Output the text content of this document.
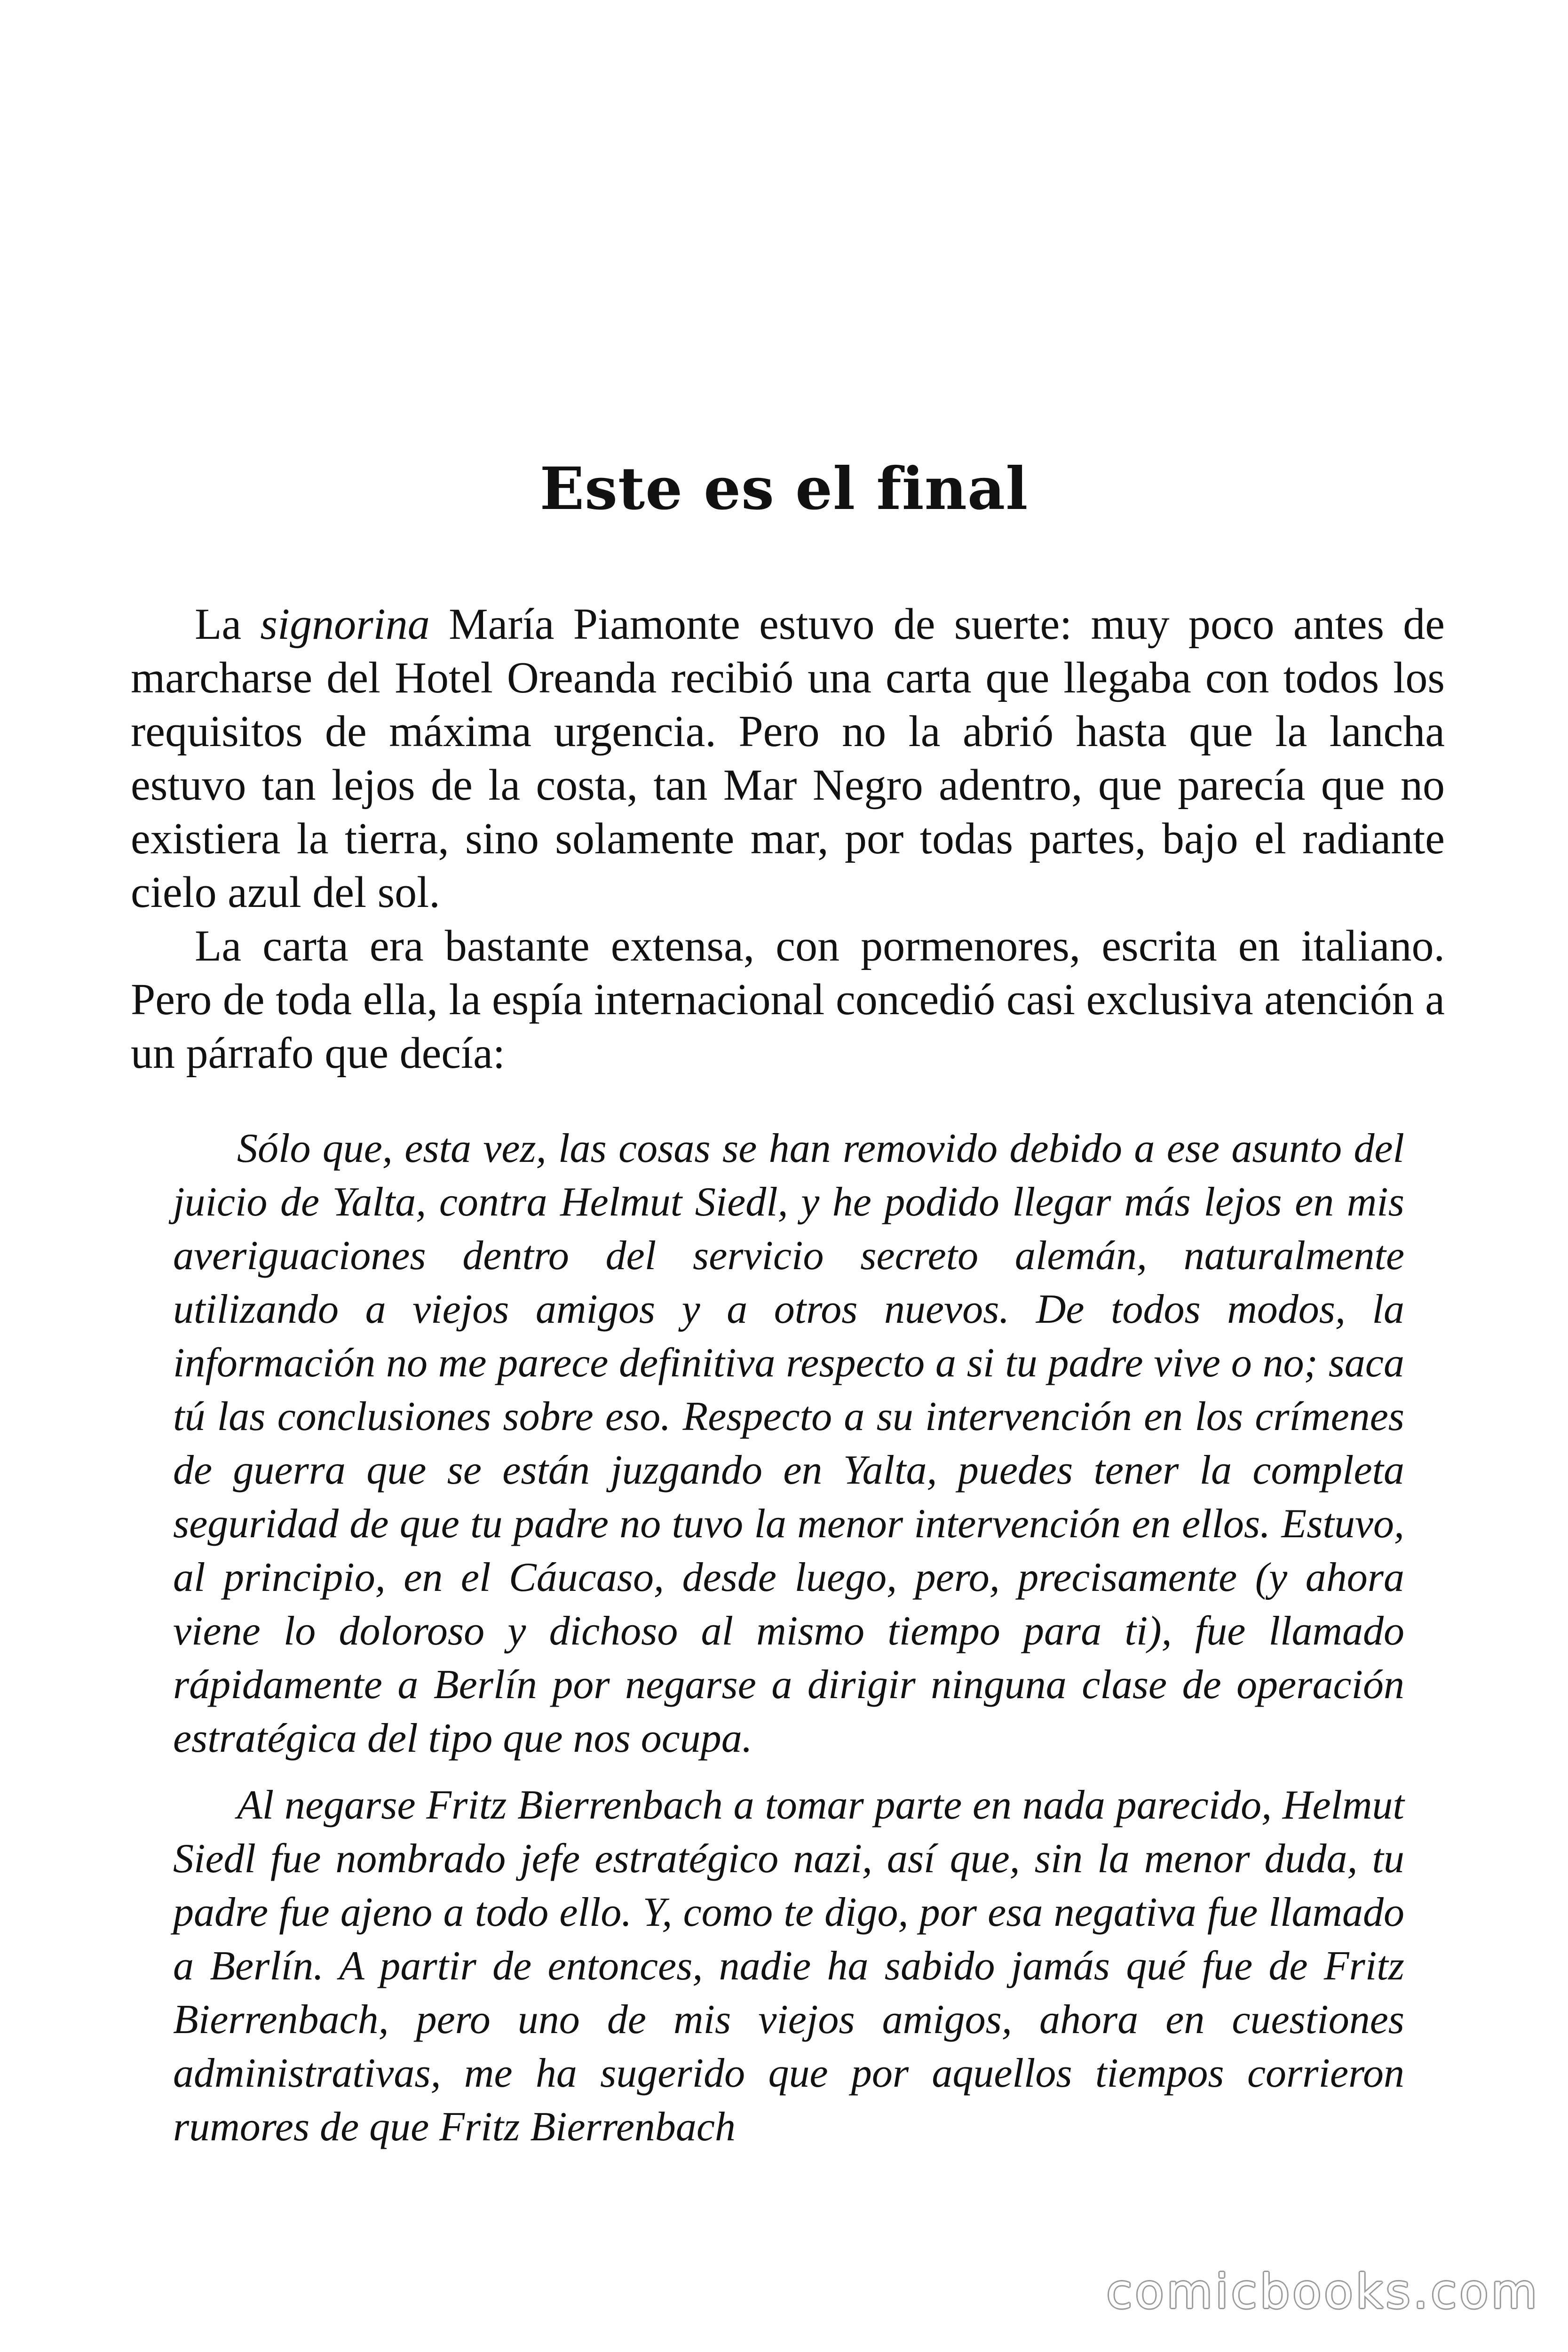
Este es el final

La signorina María Piamonte estuvo de suerte: muy poco antes de marcharse del Hotel Oreanda recibió una carta que llegaba con todos los requisitos de máxima urgencia. Pero no la abrió hasta que la lancha estuvo tan lejos de la costa, tan Mar Negro adentro, que parecía que no existiera la tierra, sino solamente mar, por todas partes, bajo el radiante cielo azul del sol.

La carta era bastante extensa, con pormenores, escrita en italiano. Pero de toda ella, la espía internacional concedió casi exclusiva atención a un párrafo que decía:

Sólo que, esta vez, las cosas se han removido debido a ese asunto del juicio de Yalta, contra Helmut Siedl, y he podido llegar más lejos en mis averiguaciones dentro del servicio secreto alemán, naturalmente utilizando a viejos amigos y a otros nuevos. De todos modos, la información no me parece definitiva respecto a si tu padre vive o no; saca tú las conclusiones sobre eso. Respecto a su intervención en los crímenes de guerra que se están juzgando en Yalta, puedes tener la completa seguridad de que tu padre no tuvo la menor intervención en ellos. Estuvo, al principio, en el Cáucaso, desde luego, pero, precisamente (y ahora viene lo doloroso y dichoso al mismo tiempo para ti), fue llamado rápidamente a Berlín por negarse a dirigir ninguna clase de operación estratégica del tipo que nos ocupa.

Al negarse Fritz Bierrenbach a tomar parte en nada parecido, Helmut Siedl fue nombrado jefe estratégico nazi, así que, sin la menor duda, tu padre fue ajeno a todo ello. Y, como te digo, por esa negativa fue llamado a Berlín. A partir de entonces, nadie ha sabido jamás qué fue de Fritz Bierrenbach, pero uno de mis viejos amigos, ahora en cuestiones administrativas, me ha sugerido que por aquellos tiempos corrieron rumores de que Fritz Bierrenbach

comicbooks.com
